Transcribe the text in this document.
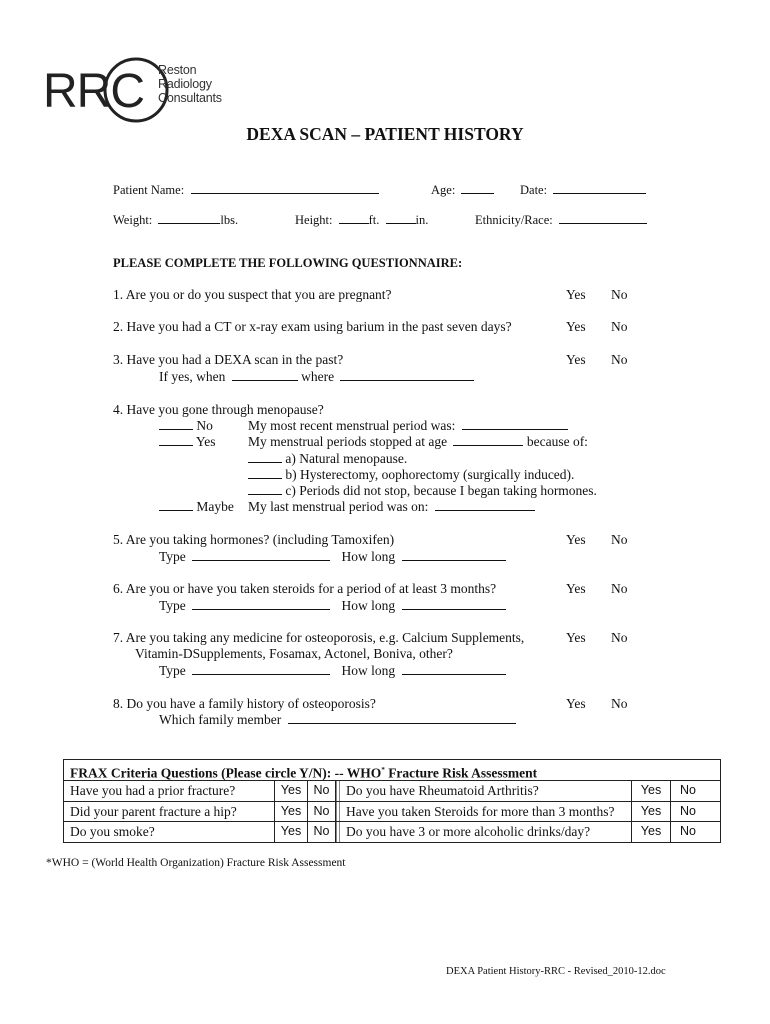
RRC Reston
Radiology
Consultants
DEXA SCAN – PATIENT HISTORY
Patient Name:	Age:	Date:
Weight:	lbs.	Height:	ft.	in.	Ethnicity/Race:
PLEASE COMPLETE THE FOLLOWING QUESTIONNAIRE:
1. Are you or do you suspect that you are pregnant?	Yes No
2. Have you had a CT or x-ray exam using barium in the past seven days?	Yes No
3. Have you had a DEXA scan in the past?	Yes No
If yes, when	where
4. Have you gone through menopause?
No	My most recent menstrual period was:
Yes My menstrual periods stopped at age	because of:
a) Natural menopause.
b) Hysterectomy, oophorectomy (surgically induced).
c) Periods did not stop, because I began taking hormones.
Maybe My last menstrual period was on:
5. Are you taking hormones? (including Tamoxifen)	Yes No
Type	How long
6. Are you or have you taken steroids for a period of at least 3 months?	Yes No
Type	How long
7. Are you taking any medicine for osteoporosis, e.g. Calcium Supplements,	Yes No
Vitamin-DSupplements, Fosamax, Actonel, Boniva, other?
Type	How long
8. Do you have a family history of osteoporosis?	Yes No
Which family member
FRAX Criteria Questions (Please circle Y/N): -- WHO* Fracture Risk Assessment
Have you had a prior fracture?	Yes No	Do you have Rheumatoid Arthritis?	Yes	No
Did your parent fracture a hip?	Yes No	Have you taken Steroids for more than 3 months?	Yes	No
Do you smoke?	Yes No	Do you have 3 or more alcoholic drinks/day?	Yes	No
*WHO = (World Health Organization) Fracture Risk Assessment
DEXA Patient History-RRC - Revised_2010-12.doc
